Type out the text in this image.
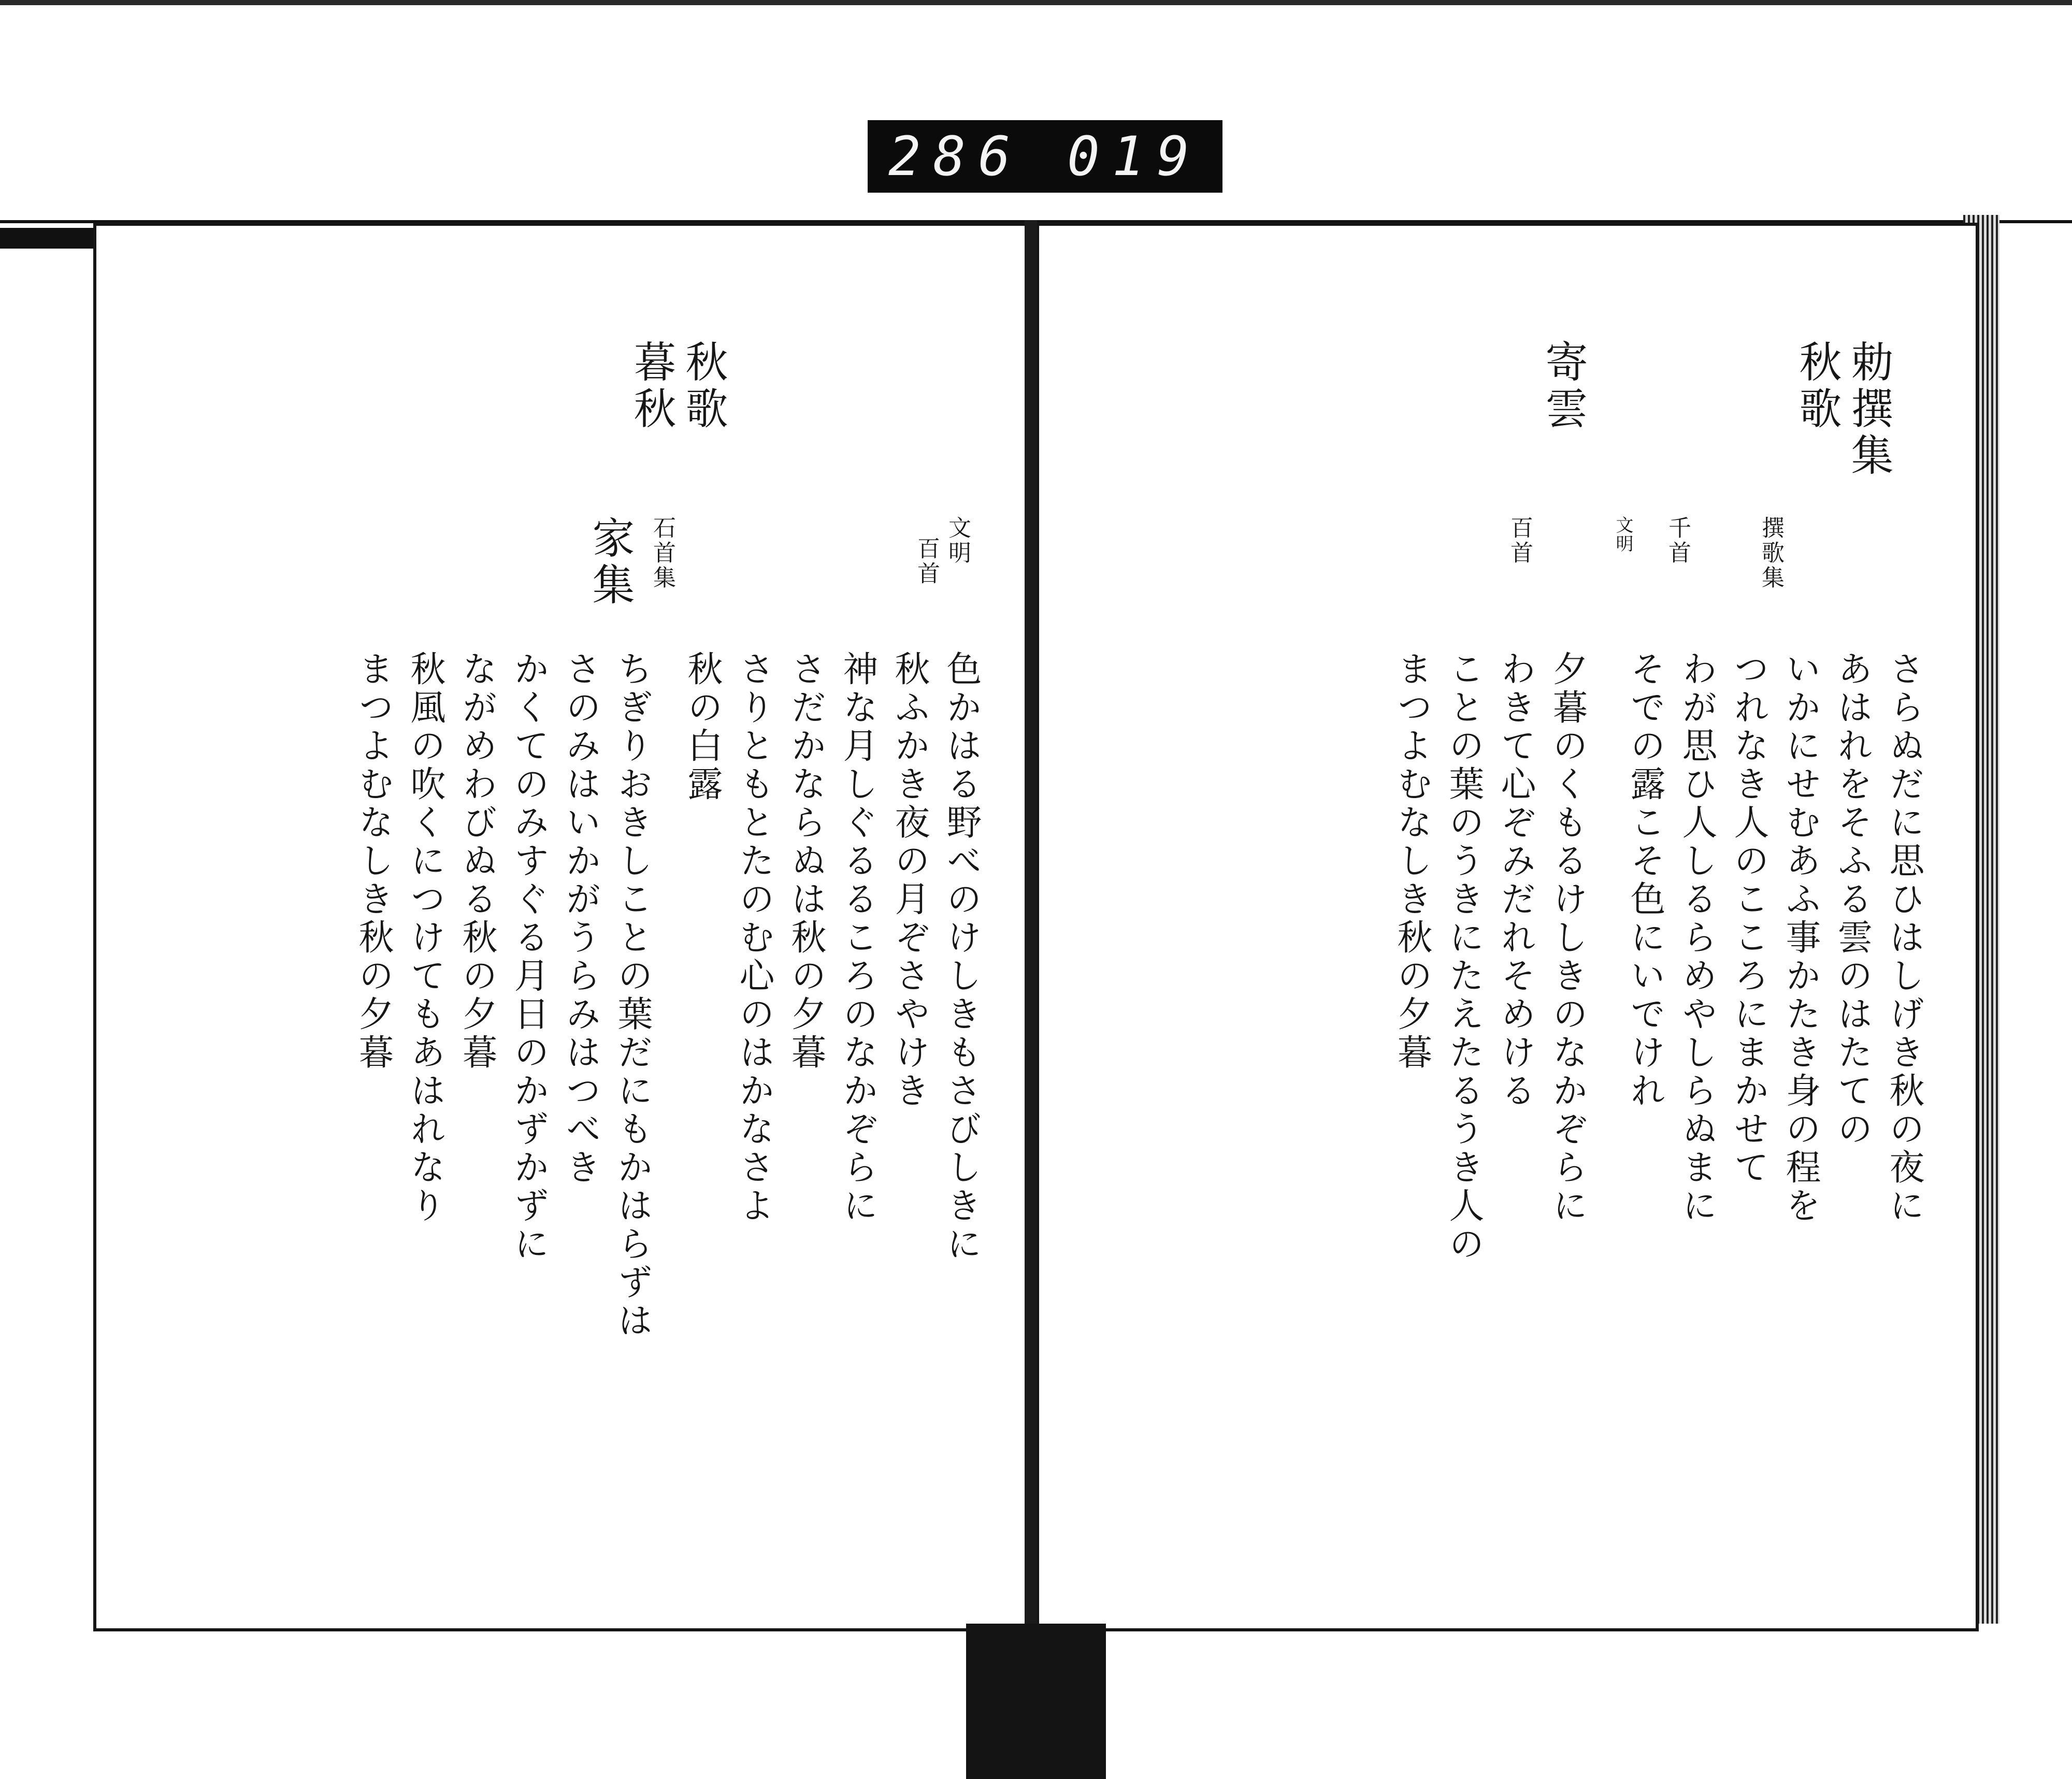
286 019
勅撰集
秋歌
寄雲
撰歌集
千首
文明
百首
さらぬだに思ひはしげき秋の夜に
あはれをそふる雲のはたての
いかにせむあふ事かたき身の程を
つれなき人のこころにまかせて
わが思ひ人しるらめやしらぬまに
そでの露こそ色にいでけれ
夕暮のくもるけしきのなかぞらに
わきて心ぞみだれそめける
ことの葉のうきにたえたるうき人の
まつよむなしき秋の夕暮
秋歌
暮秋
文明
百首
石首集
家集
色かはる野べのけしきもさびしきに
秋ふかき夜の月ぞさやけき
神な月しぐるるころのなかぞらに
さだかならぬは秋の夕暮
さりともとたのむ心のはかなさよ
秋の白露
ちぎりおきしことの葉だにもかはらずは
さのみはいかがうらみはつべき
かくてのみすぐる月日のかずかずに
ながめわびぬる秋の夕暮
秋風の吹くにつけてもあはれなり
まつよむなしき秋の夕暮
